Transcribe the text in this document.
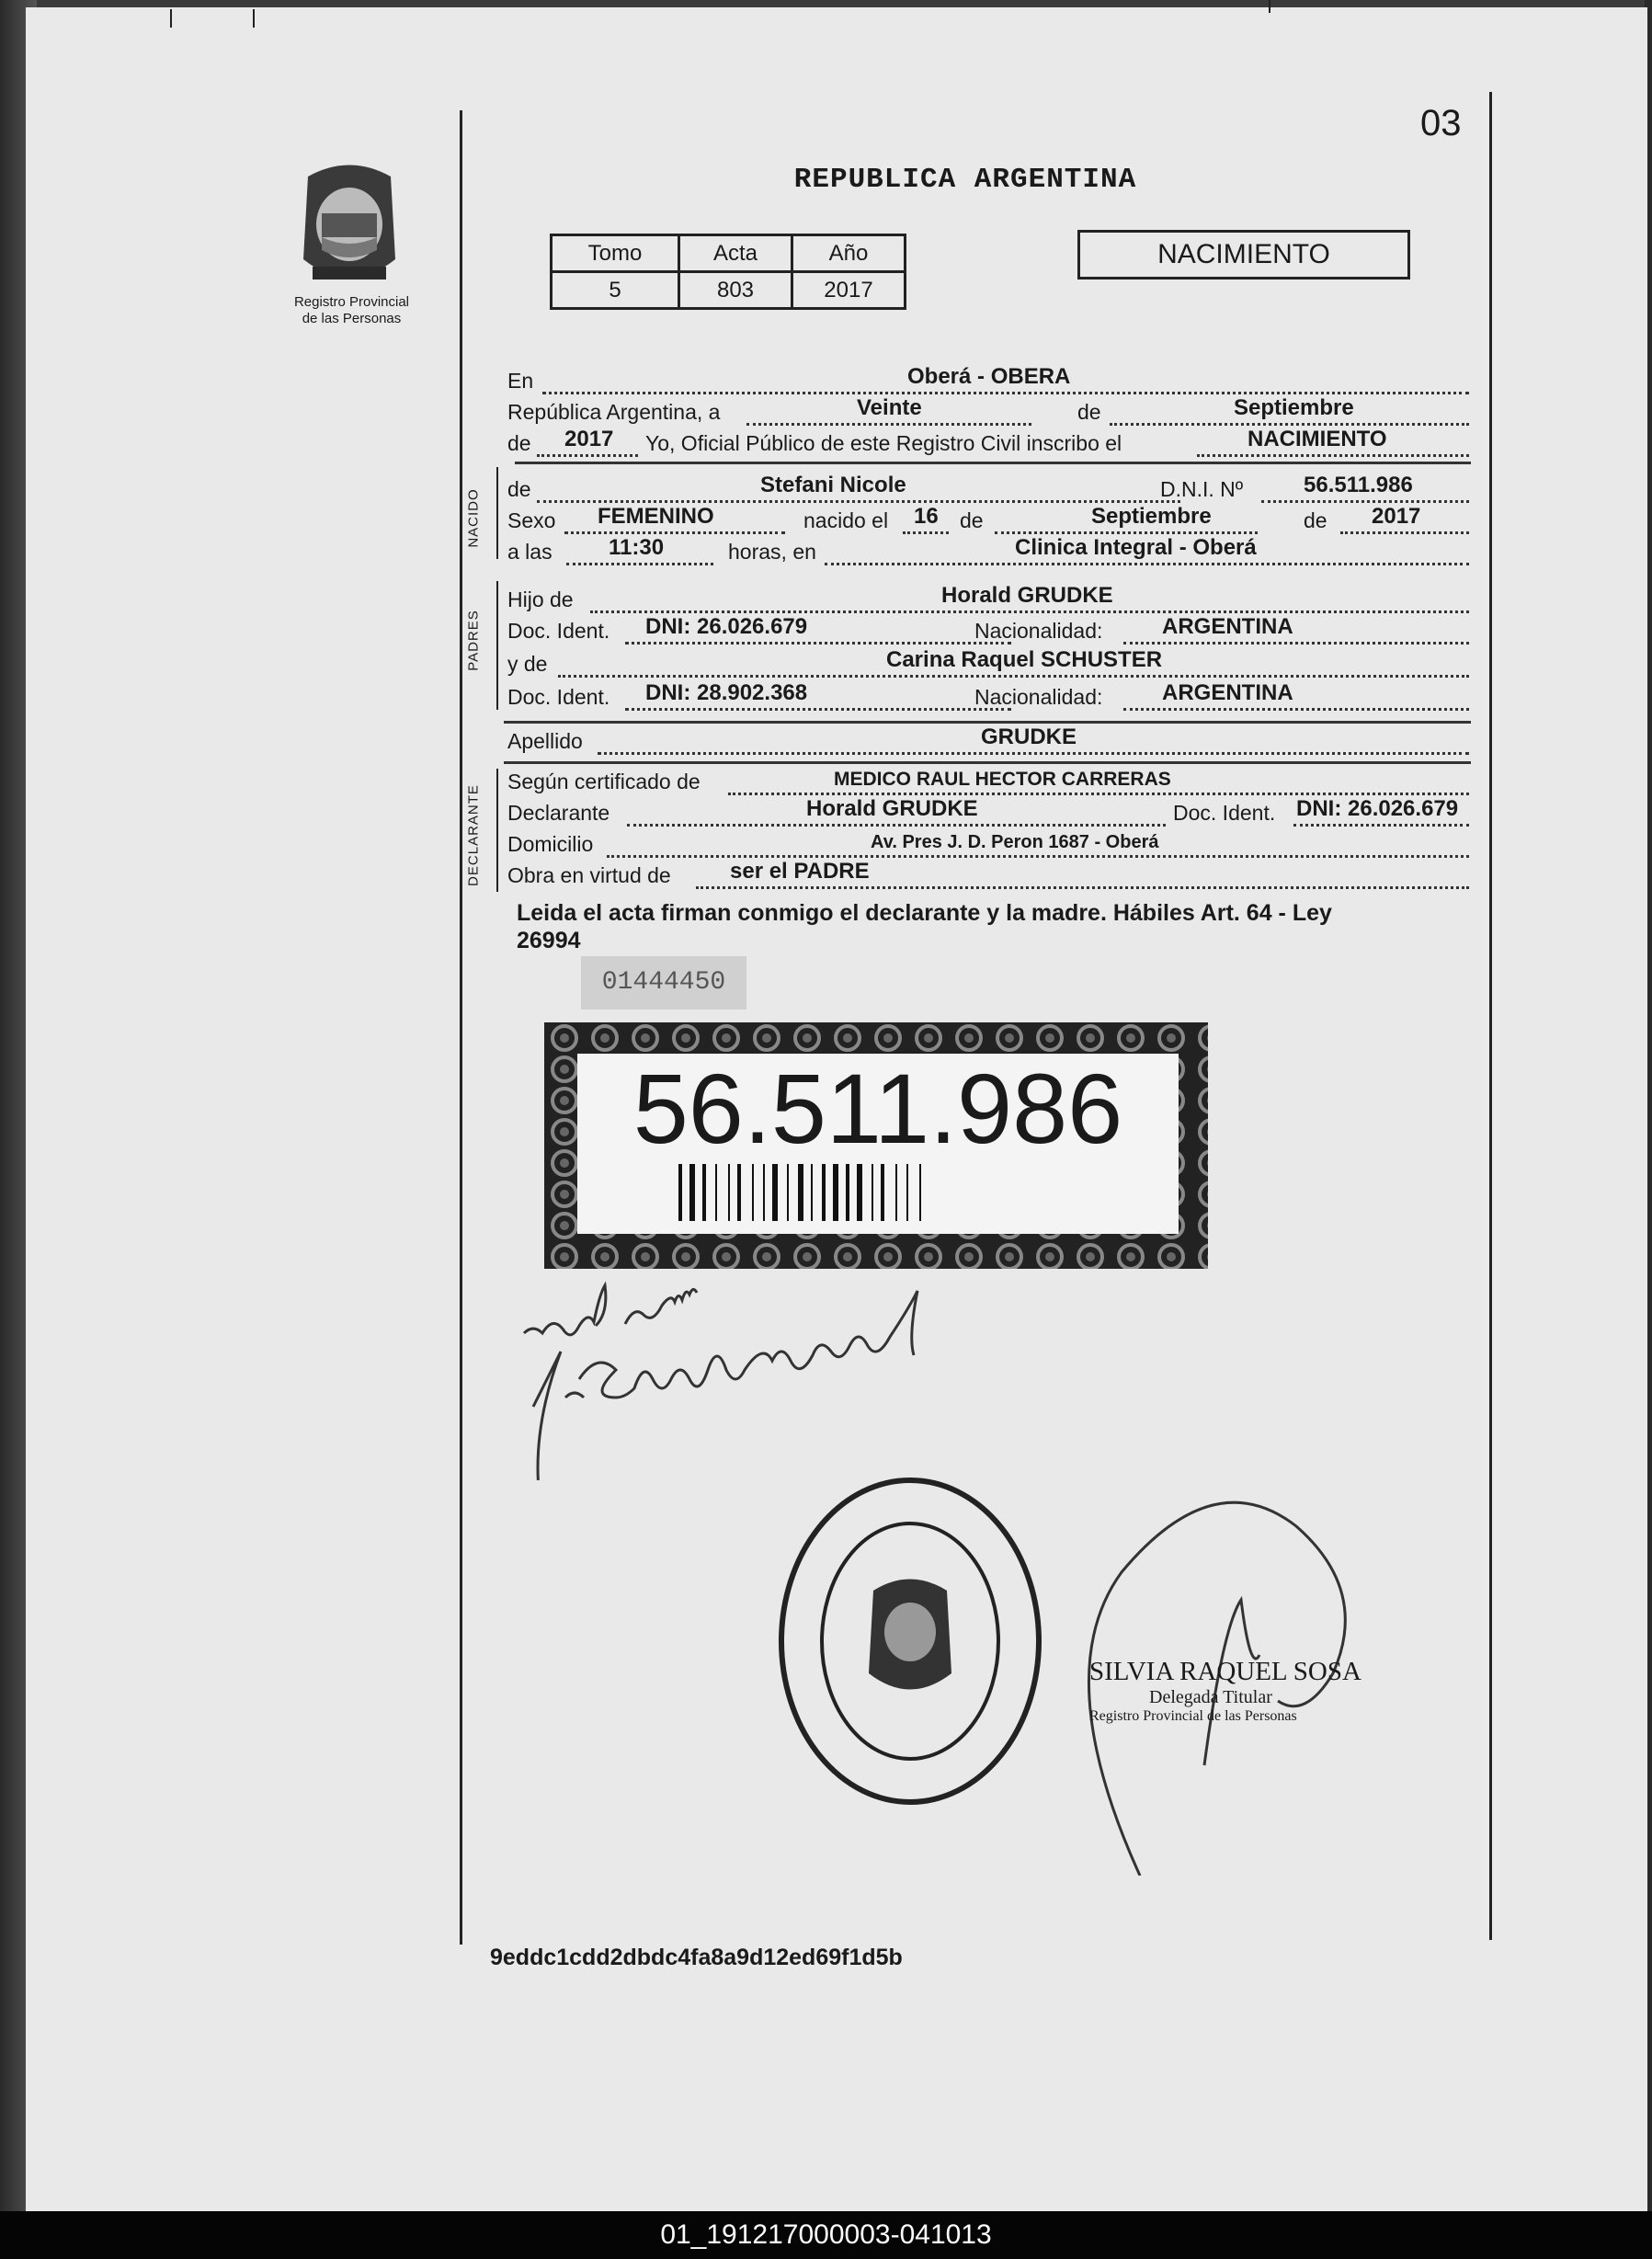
03
Registro Provincial
de las Personas
REPUBLICA ARGENTINA
Tomo	Acta	Año
5	803	2017
NACIMIENTO
En	Oberá - OBERA
República Argentina, a	Veinte	de	Septiembre
de 2017 Yo, Oficial Público de este Registro Civil inscribo el	NACIMIENTO
NACIDO de	Stefani Nicole	D.N.I. Nº	56.511.986
Sexo FEMENINO	nacido el 16 de	Septiembre	de 2017
a las	11:30	horas, en	Clinica Integral - Oberá
PADRES
Hijo de	Horald GRUDKE
Doc. Ident. DNI: 26.026.679	Nacionalidad:	ARGENTINA
y de	Carina Raquel SCHUSTER
Doc. Ident. DNI: 28.902.368	Nacionalidad:	ARGENTINA
Apellido	GRUDKE
DECLARANTE
Según certificado de	MEDICO RAUL HECTOR CARRERAS
Declarante	Horald GRUDKE	Doc. Ident. DNI: 26.026.679
Domicilio	Av. Pres J. D. Peron 1687 - Oberá
Obra en virtud de	ser el PADRE
Leida el acta firman conmigo el declarante y la madre. Hábiles Art. 64 - Ley
26994
01444450
56.511.986
SILVIA RAQUEL SOSA
Delegada Titular
Registro Provincial de las Personas
9eddc1cdd2dbdc4fa8a9d12ed69f1d5b
01_191217000003-041013
